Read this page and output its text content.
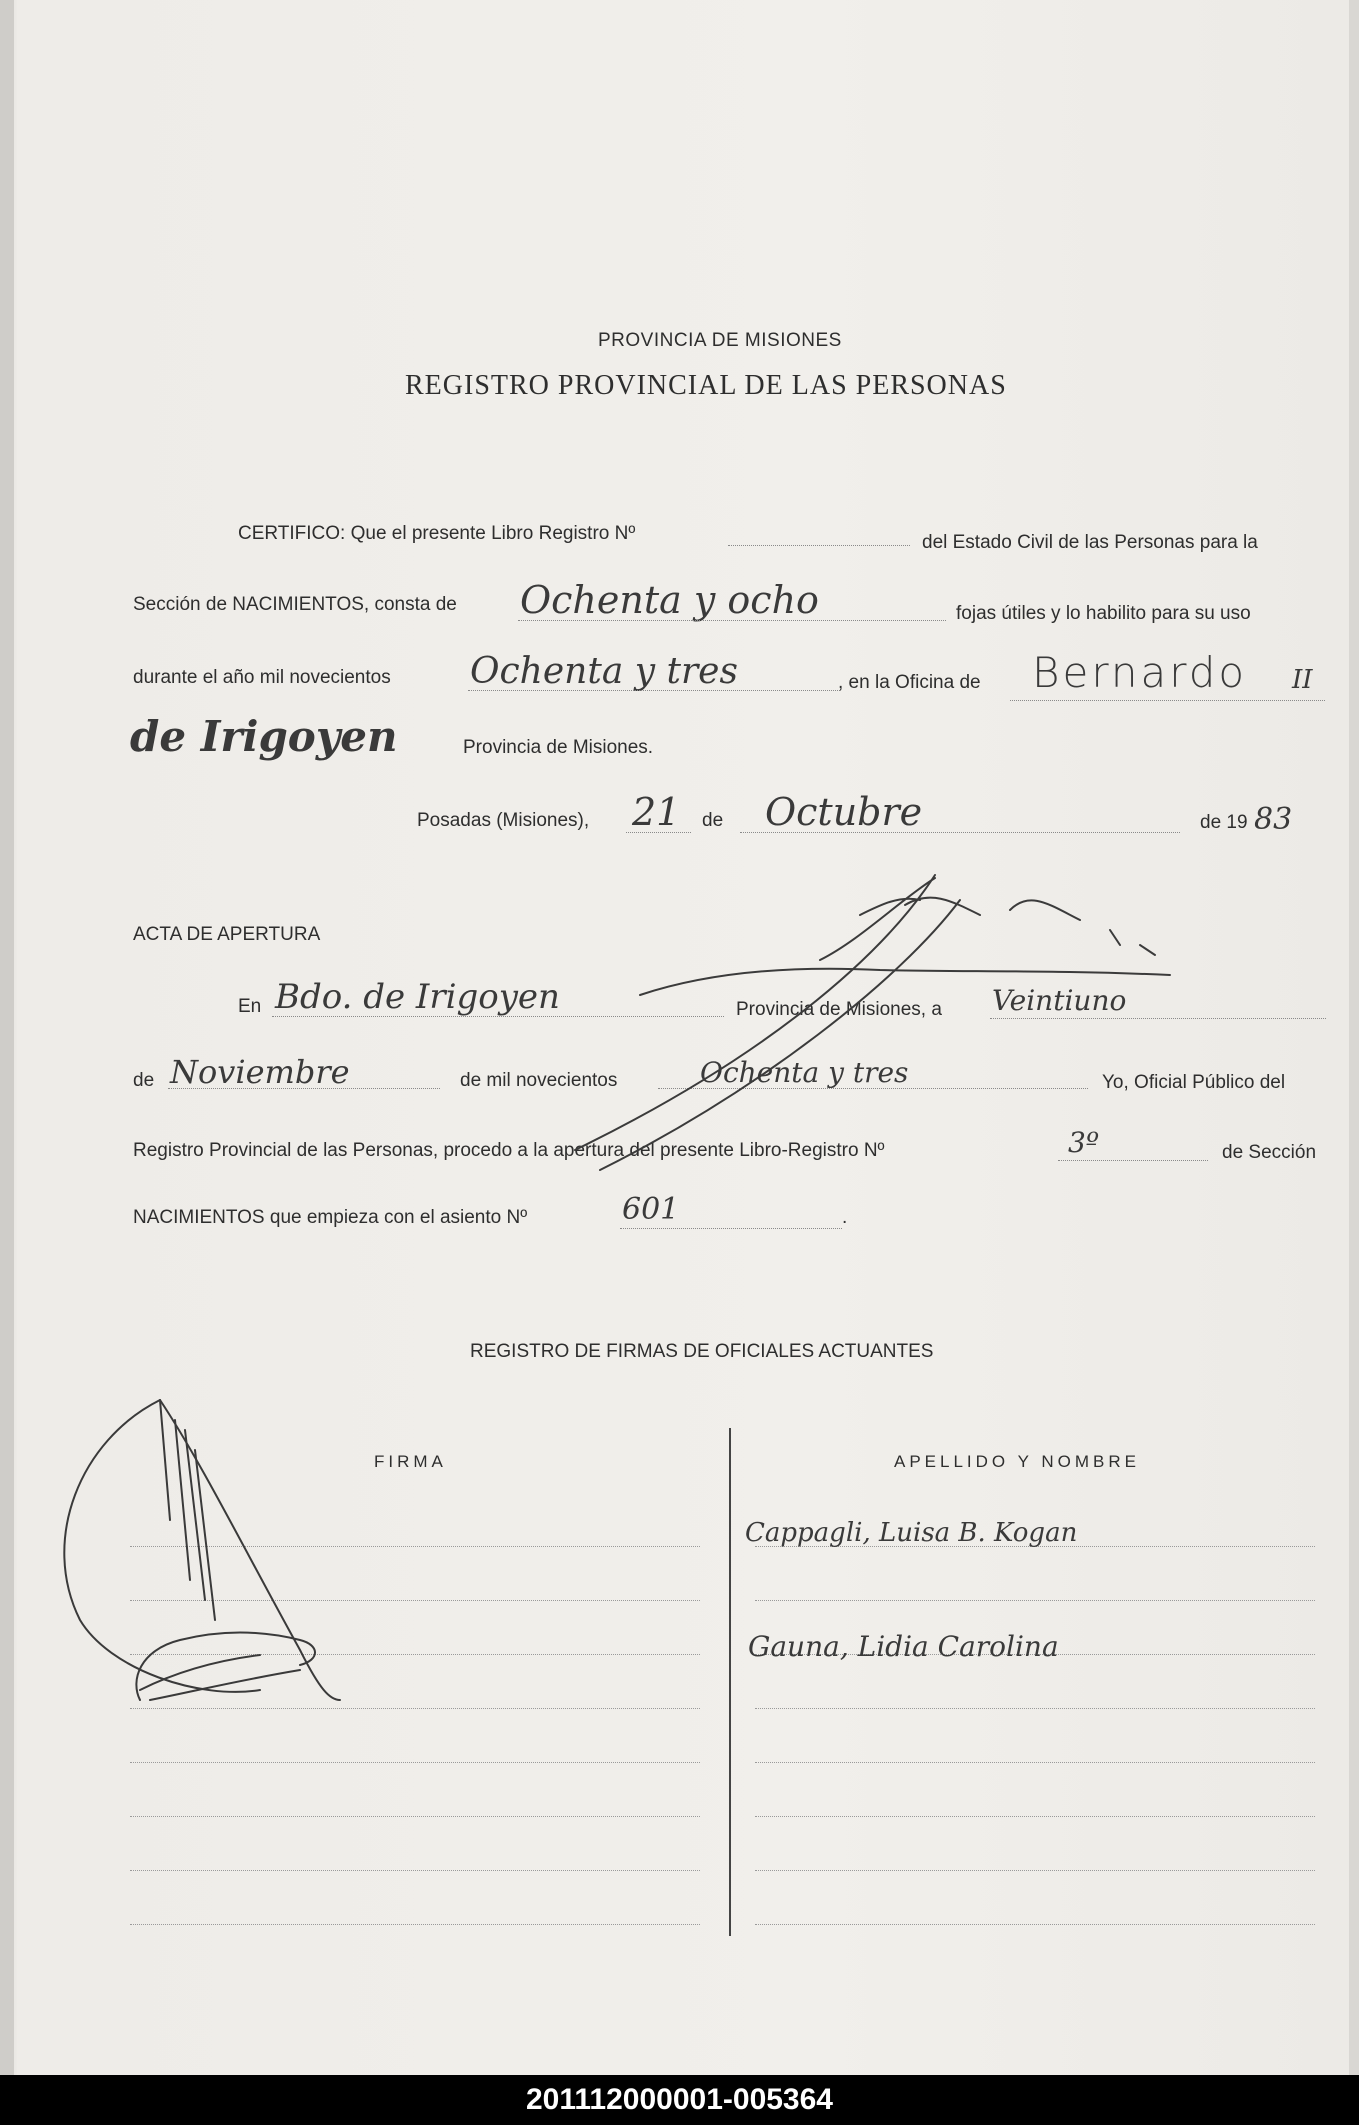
PROVINCIA DE MISIONES
REGISTRO PROVINCIAL DE LAS PERSONAS
CERTIFICO: Que el presente Libro Registro Nº	del Estado Civil de las Personas para la
Sección de NACIMIENTOS, consta de Ochenta y ocho	fojas útiles y lo habilito para su uso
durante el año mil novecientos Ochenta y tres	, en la Oficina de Bernardo II
de Irigoyen	Provincia de Misiones.
Posadas (Misiones), 21 de Octubre	de 19 83
ACTA DE APERTURA
En Bdo. de Irigoyen	Provincia de Misiones, a Veintiuno
de Noviembre	de mil novecientos	Ochenta y tres	Yo, Oficial Público del
Registro Provincial de las Personas, procedo a la apertura del presente Libro-Registro Nº	3º	de Sección
NACIMIENTOS que empieza con el asiento Nº	601	.
REGISTRO DE FIRMAS DE OFICIALES ACTUANTES
FIRMA	APELLIDO Y NOMBRE
Cappagli, Luisa B. Kogan
Gauna, Lidia Carolina
201112000001-005364
